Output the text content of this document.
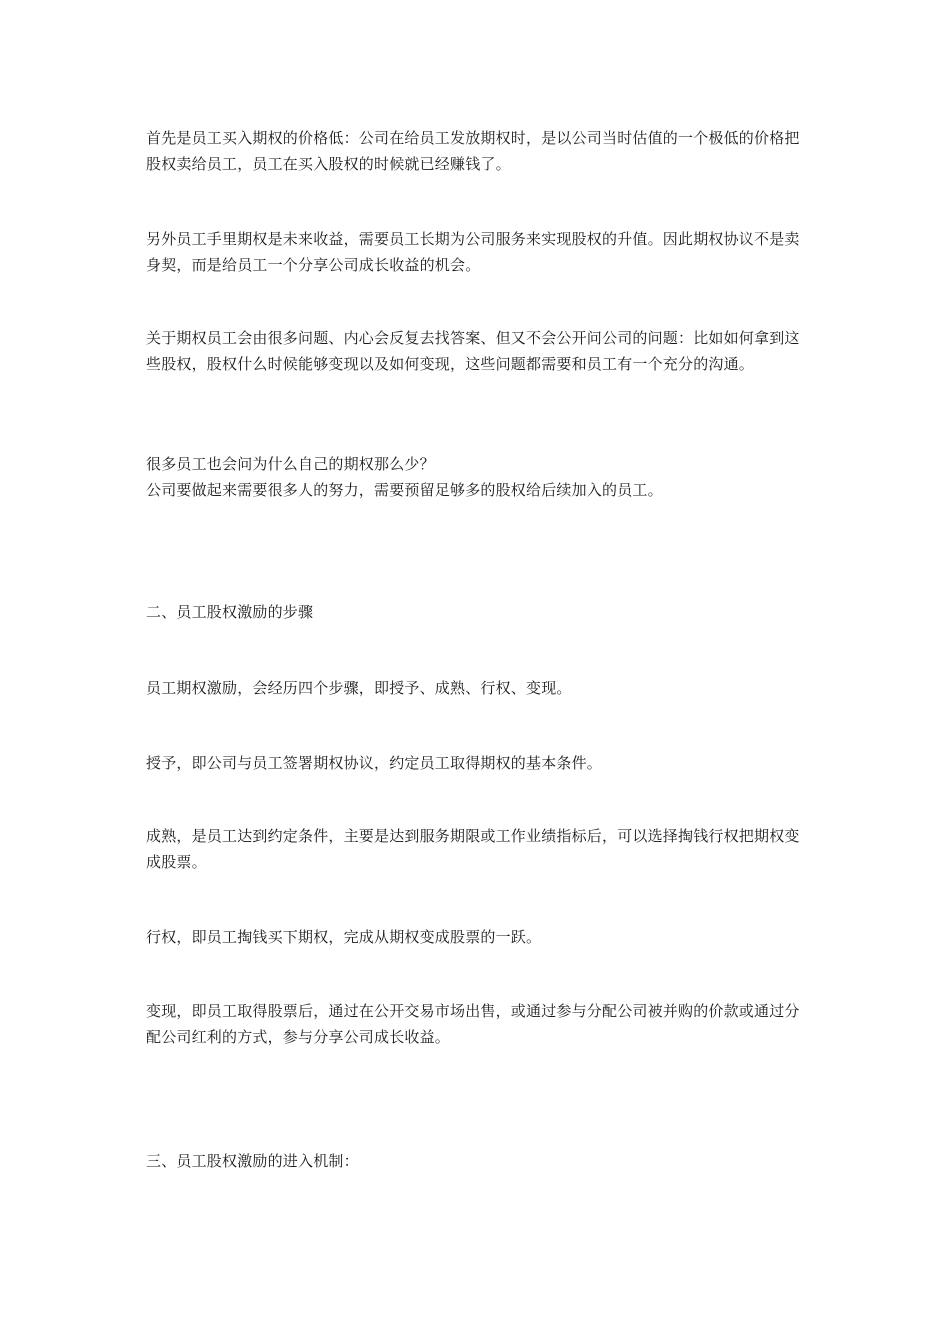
首先是员工买入期权的价格低：公司在给员工发放期权时，是以公司当时估值的一个极低的价格把股权卖给员工，员工在买入股权的时候就已经赚钱了。

另外员工手里期权是未来收益，需要员工长期为公司服务来实现股权的升值。因此期权协议不是卖身契，而是给员工一个分享公司成长收益的机会。

关于期权员工会由很多问题、内心会反复去找答案、但又不会公开问公司的问题：比如如何拿到这些股权，股权什么时候能够变现以及如何变现，这些问题都需要和员工有一个充分的沟通。

很多员工也会问为什么自己的期权那么少？
公司要做起来需要很多人的努力，需要预留足够多的股权给后续加入的员工。

二、员工股权激励的步骤

员工期权激励，会经历四个步骤，即授予、成熟、行权、变现。

授予，即公司与员工签署期权协议，约定员工取得期权的基本条件。

成熟，是员工达到约定条件，主要是达到服务期限或工作业绩指标后，可以选择掏钱行权把期权变成股票。

行权，即员工掏钱买下期权，完成从期权变成股票的一跃。

变现，即员工取得股票后，通过在公开交易市场出售，或通过参与分配公司被并购的价款或通过分配公司红利的方式，参与分享公司成长收益。

三、员工股权激励的进入机制：
